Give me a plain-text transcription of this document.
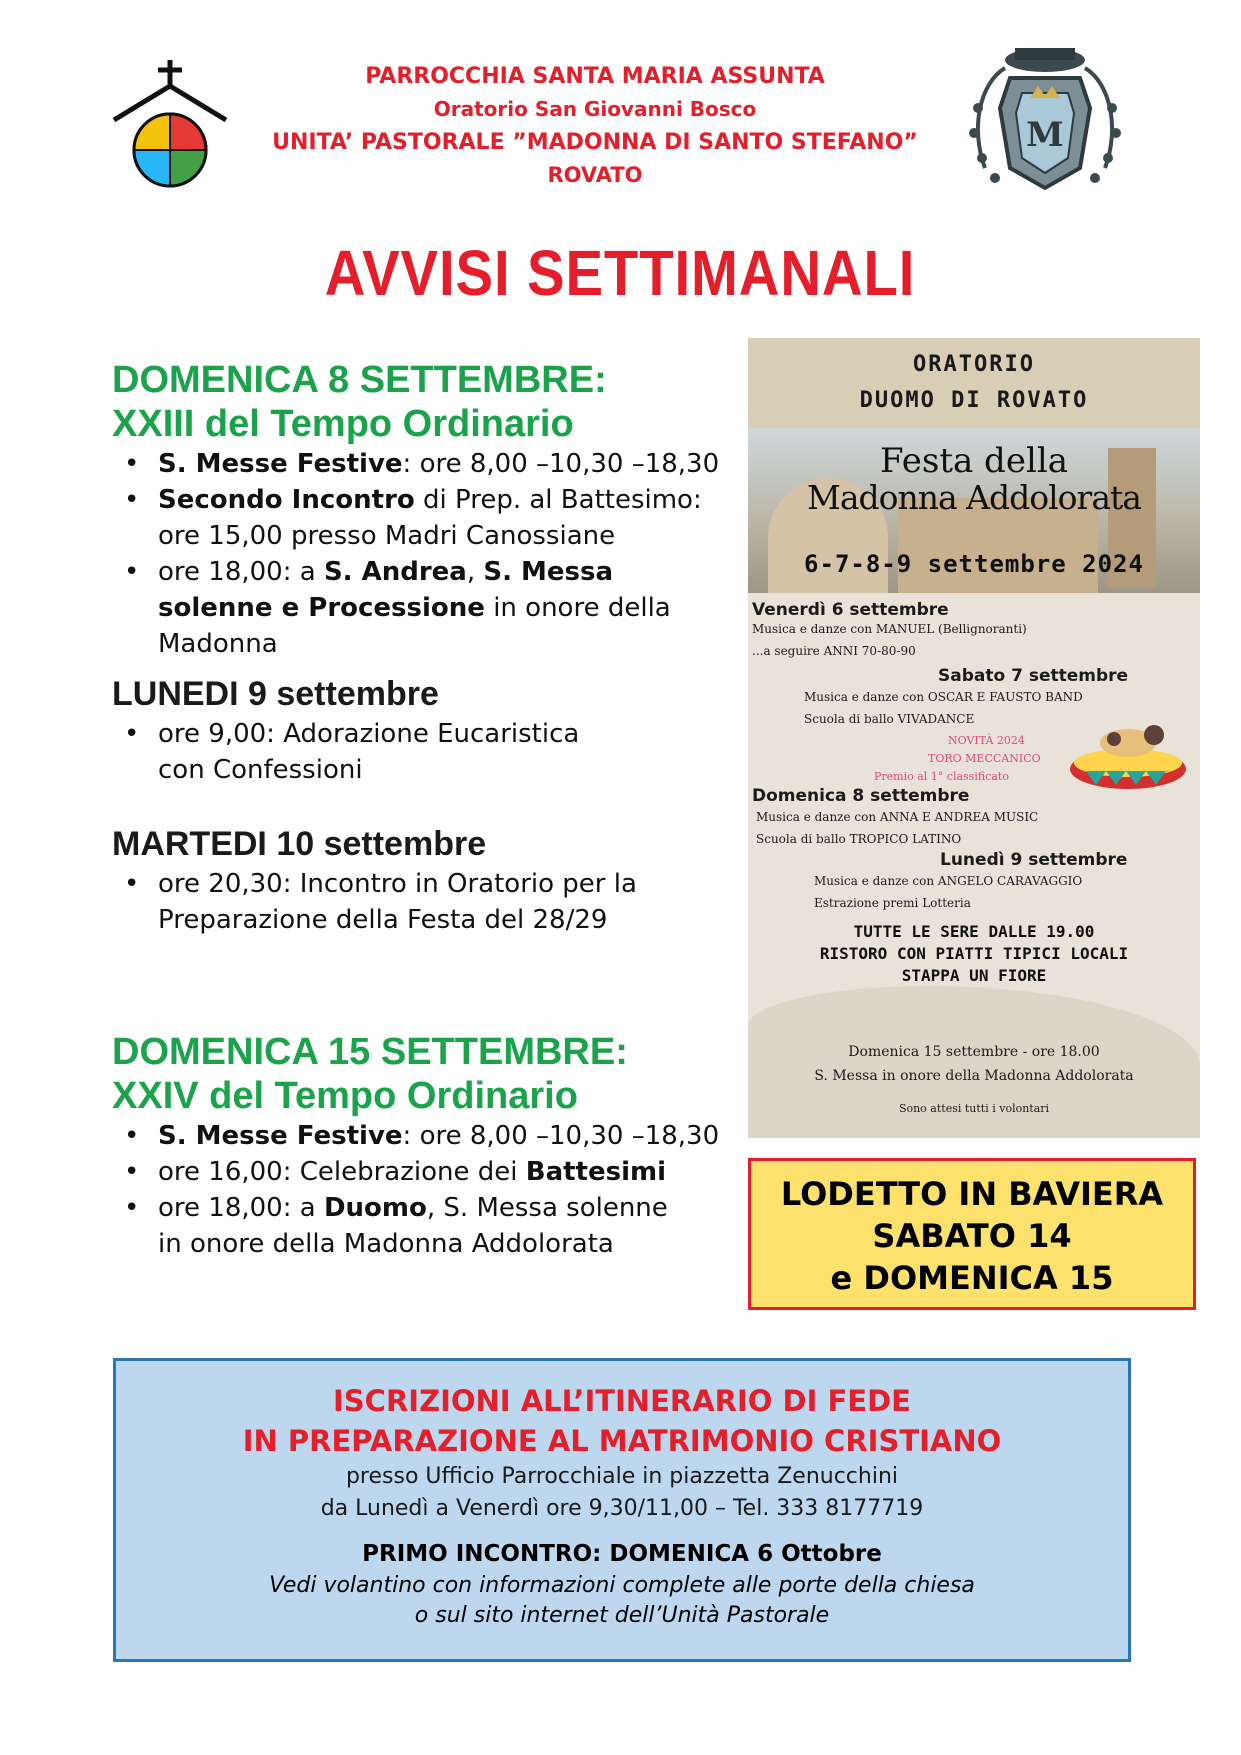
PARROCCHIA SANTA MARIA ASSUNTA
Oratorio San Giovanni Bosco
UNITA’ PASTORALE ”MADONNA DI SANTO STEFANO”
ROVATO
M
AVVISI SETTIMANALI
DOMENICA 8 SETTEMBRE:
XXIII del Tempo Ordinario
• S. Messe Festive: ore 8,00 –10,30 –18,30
• Secondo Incontro di Prep. al Battesimo: ore 15,00 presso Madri Canossiane
• ore 18,00: a S. Andrea, S. Messa solenne e Processione in onore della Madonna
LUNEDI 9 settembre
• ore 9,00: Adorazione Eucaristica con Confessioni
MARTEDI 10 settembre
• ore 20,30: Incontro in Oratorio per la Preparazione della Festa del 28/29
DOMENICA 15 SETTEMBRE:
XXIV del Tempo Ordinario
• S. Messe Festive: ore 8,00 –10,30 –18,30
• ore 16,00: Celebrazione dei Battesimi
• ore 18,00: a Duomo, S. Messa solenne in onore della Madonna Addolorata
ORATORIO
DUOMO DI ROVATO
Festa della
Madonna Addolorata
6-7-8-9 settembre 2024
Venerdì 6 settembre
Musica e danze con MANUEL (Bellignoranti)
...a seguire ANNI 70-80-90
Sabato 7 settembre
Musica e danze con OSCAR E FAUSTO BAND
Scuola di ballo VIVADANCE
NOVITÀ 2024
TORO MECCANICO
Premio al 1° classificato
Domenica 8 settembre
Musica e danze con ANNA E ANDREA MUSIC
Scuola di ballo TROPICO LATINO
Lunedì 9 settembre
Musica e danze con ANGELO CARAVAGGIO
Estrazione premi Lotteria
TUTTE LE SERE DALLE 19.00
RISTORO CON PIATTI TIPICI LOCALI
STAPPA UN FIORE
Domenica 15 settembre - ore 18.00
S. Messa in onore della Madonna Addolorata
Sono attesi tutti i volontari
LODETTO IN BAVIERA
SABATO 14
e DOMENICA 15
ISCRIZIONI ALL’ITINERARIO DI FEDE
IN PREPARAZIONE AL MATRIMONIO CRISTIANO
presso Ufficio Parrocchiale in piazzetta Zenucchini
da Lunedì a Venerdì ore 9,30/11,00 – Tel. 333 8177719
PRIMO INCONTRO: DOMENICA 6 Ottobre
Vedi volantino con informazioni complete alle porte della chiesa
o sul sito internet dell’Unità Pastorale
